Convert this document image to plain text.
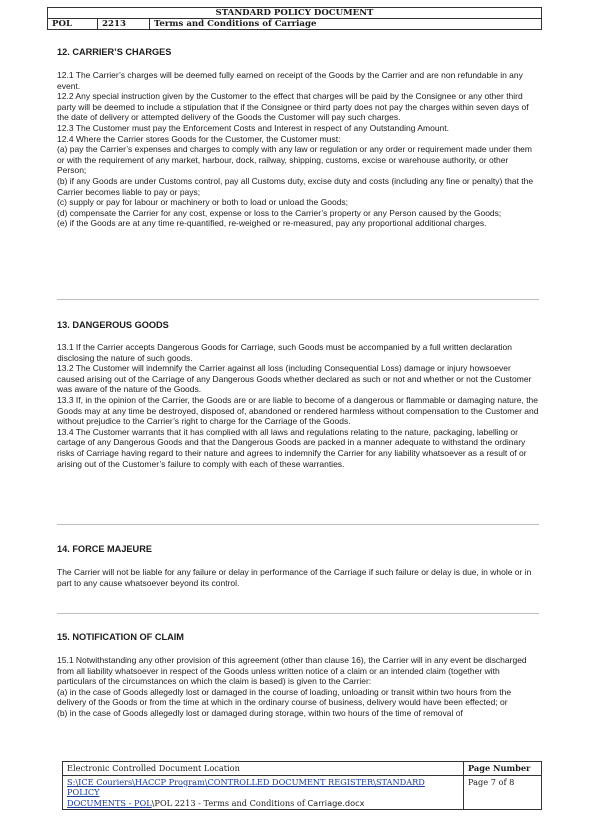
STANDARD POLICY DOCUMENT
POL	2213	Terms and Conditions of Carriage
12. CARRIER’S CHARGES

12.1 The Carrier’s charges will be deemed fully earned on receipt of the Goods by the Carrier and are non refundable in any event.

12.2 Any special instruction given by the Customer to the effect that charges will be paid by the Consignee or any other third party will be deemed to include a stipulation that if the Consignee or third party does not pay the charges within seven days of the date of delivery or attempted delivery of the Goods the Customer will pay such charges.

12.3 The Customer must pay the Enforcement Costs and Interest in respect of any Outstanding Amount.

12.4 Where the Carrier stores Goods for the Customer, the Customer must:

(a) pay the Carrier’s expenses and charges to comply with any law or regulation or any order or requirement made under them or with the requirement of any market, harbour, dock, railway, shipping, customs, excise or warehouse authority, or other Person;

(b) if any Goods are under Customs control, pay all Customs duty, excise duty and costs (including any fine or penalty) that the Carrier becomes liable to pay or pays;

(c) supply or pay for labour or machinery or both to load or unload the Goods;

(d) compensate the Carrier for any cost, expense or loss to the Carrier’s property or any Person caused by the Goods;

(e) if the Goods are at any time re-quantified, re-weighed or re-measured, pay any proportional additional charges.

13. DANGEROUS GOODS

13.1 If the Carrier accepts Dangerous Goods for Carriage, such Goods must be accompanied by a full written declaration disclosing the nature of such goods.

13.2 The Customer will indemnify the Carrier against all loss (including Consequential Loss) damage or injury howsoever caused arising out of the Carriage of any Dangerous Goods whether declared as such or not and whether or not the Customer was aware of the nature of the Goods.

13.3 If, in the opinion of the Carrier, the Goods are or are liable to become of a dangerous or flammable or damaging nature, the Goods may at any time be destroyed, disposed of, abandoned or rendered harmless without compensation to the Customer and without prejudice to the Carrier’s right to charge for the Carriage of the Goods.

13.4 The Customer warrants that it has complied with all laws and regulations relating to the nature, packaging, labelling or cartage of any Dangerous Goods and that the Dangerous Goods are packed in a manner adequate to withstand the ordinary risks of Carriage having regard to their nature and agrees to indemnify the Carrier for any liability whatsoever as a result of or arising out of the Customer’s failure to comply with each of these warranties.

14. FORCE MAJEURE

The Carrier will not be liable for any failure or delay in performance of the Carriage if such failure or delay is due, in whole or in part to any cause whatsoever beyond its control.

15. NOTIFICATION OF CLAIM

15.1 Notwithstanding any other provision of this agreement (other than clause 16), the Carrier will in any event be discharged from all liability whatsoever in respect of the Goods unless written notice of a claim or an intended claim (together with particulars of the circumstances on which the claim is based) is given to the Carrier:

(a) in the case of Goods allegedly lost or damaged in the course of loading, unloading or transit within two hours from the delivery of the Goods or from the time at which in the ordinary course of business, delivery would have been effected; or

(b) in the case of Goods allegedly lost or damaged during storage, within two hours of the time of removal of

Electronic Controlled Document Location	Page Number
S:\ICE Couriers\HACCP Program\CONTROLLED DOCUMENT REGISTER\STANDARD POLICY
DOCUMENTS - POL\POL 2213 - Terms and Conditions of Carriage.docx	Page 7 of 8
